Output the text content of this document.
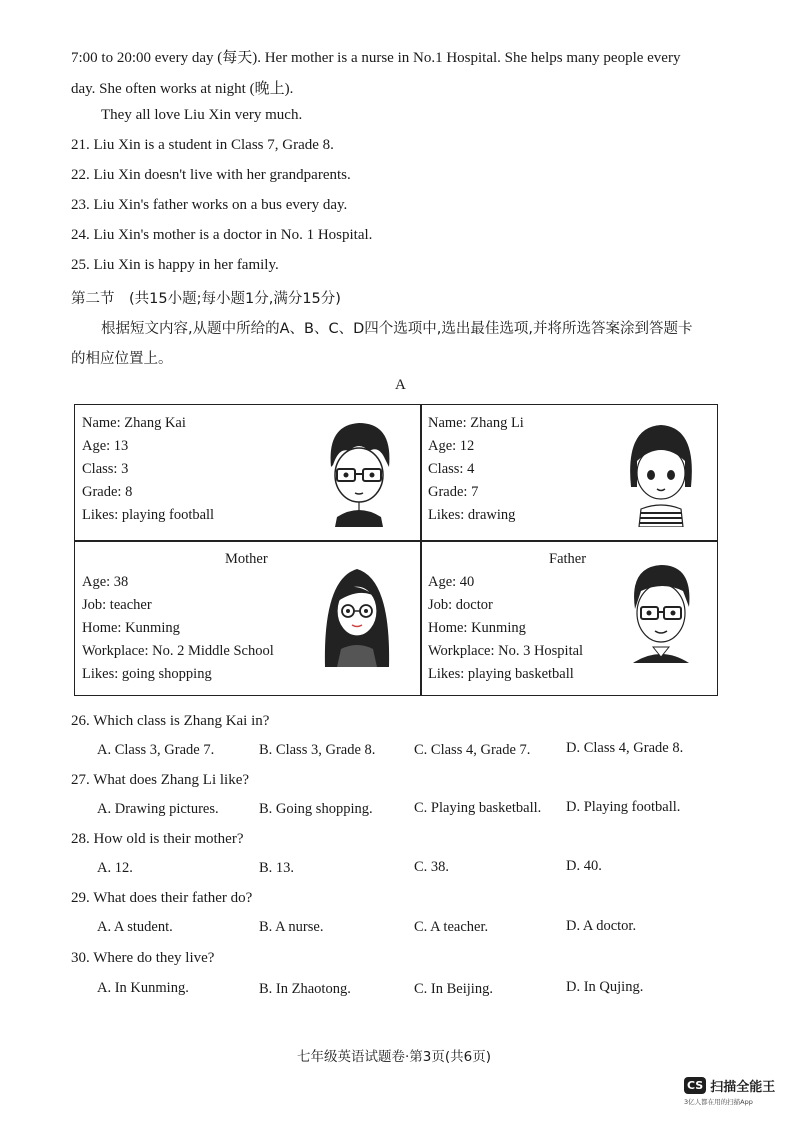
7:00 to 20:00 every day (每天). Her mother is a nurse in No.1 Hospital. She helps many people every
day. She often works at night (晚上).
They all love Liu Xin very much.
21. Liu Xin is a student in Class 7, Grade 8.
22. Liu Xin doesn't live with her grandparents.
23. Liu Xin's father works on a bus every day.
24. Liu Xin's mother is a doctor in No. 1 Hospital.
25. Liu Xin is happy in her family.
第二节　(共15小题;每小题1分,满分15分)
根据短文内容,从题中所给的A、B、C、D四个选项中,选出最佳选项,并将所选答案涂到答题卡
的相应位置上。
A
Name: Zhang Kai
Age: 13
Class: 3
Grade: 8
Likes: playing football
Name: Zhang Li
Age: 12
Class: 4
Grade: 7
Likes: drawing
Mother
Age: 38
Job: teacher
Home: Kunming
Workplace: No. 2 Middle School
Likes: going shopping
Father
Age: 40
Job: doctor
Home: Kunming
Workplace: No. 3 Hospital
Likes: playing basketball
26. Which class is Zhang Kai in?
A. Class 3, Grade 7.	B. Class 3, Grade 8.	C. Class 4, Grade 7. D. Class 4, Grade 8.
27. What does Zhang Li like?
A. Drawing pictures.	B. Going shopping.	C. Playing basketball. D. Playing football.
28. How old is their mother?
A. 12.	B. 13.	C. 38.	D. 40.
29. What does their father do?
A. A student.	B. A nurse.	C. A teacher.	D. A doctor.
30. Where do they live?
A. In Kunming.	B. In Zhaotong.	C. In Beijing.	D. In Qujing.
七年级英语试题卷·第3页(共6页)
CS 扫描全能王
3亿人都在用的扫描App
